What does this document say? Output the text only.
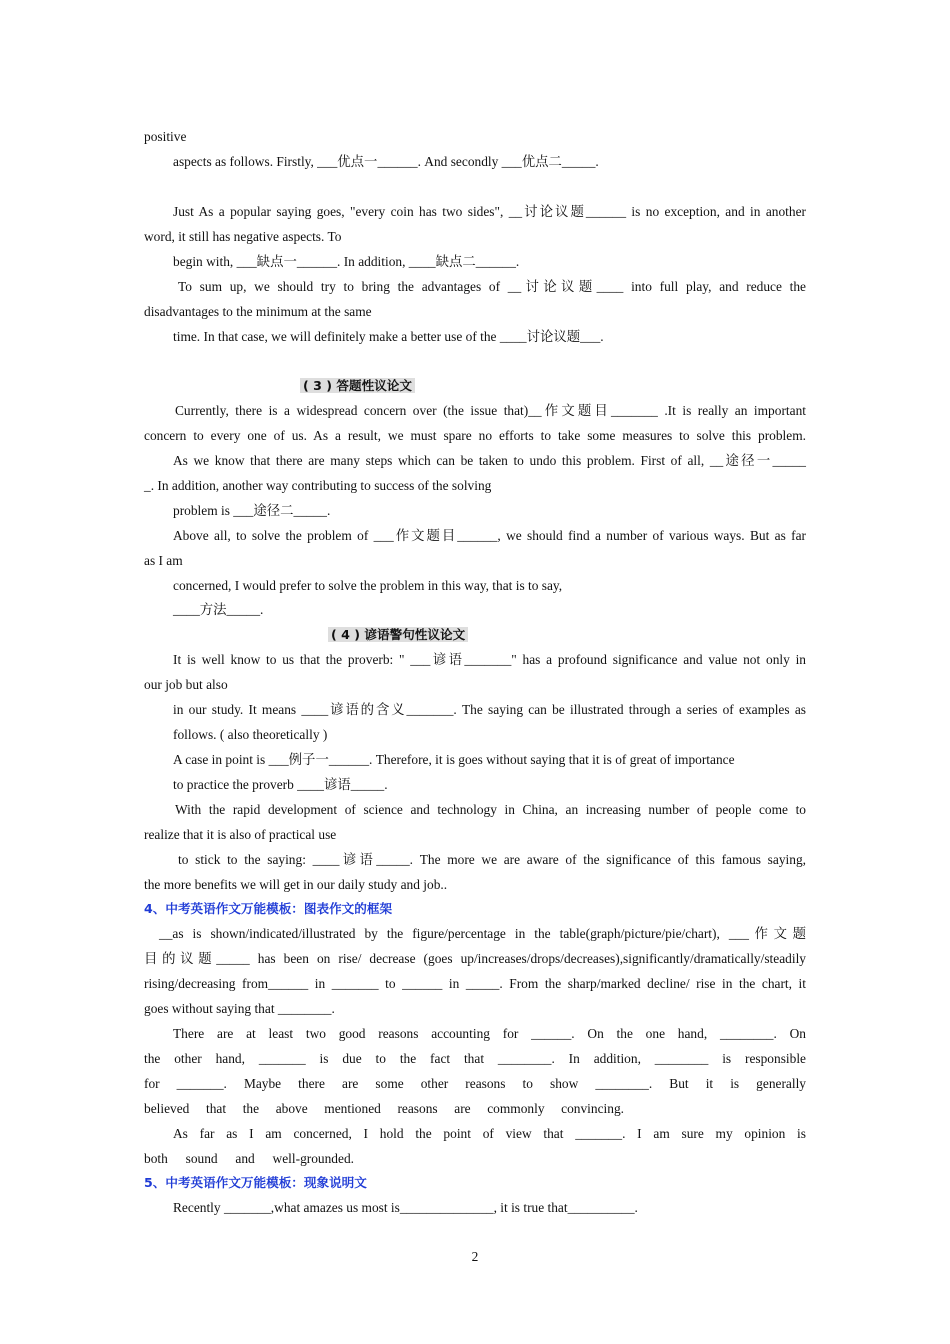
positive
aspects as follows. Firstly, ___优点一______. And secondly ___优点二_____.
Just As a popular saying goes, "every coin has two sides", __讨论议题______ is no exception, and in another
word, it still has negative aspects. To
begin with, ___缺点一______. In addition, ____缺点二______.
To sum up, we should try to bring the advantages of __讨论议题____ into full play, and reduce the
disadvantages to the minimum at the same
time. In that case, we will definitely make a better use of the ____讨论议题___.
( 3 ) 答题性议论文
Currently, there is a widespread concern over (the issue that)__作文题目_______ .It is really an important
concern to every one of us. As a result, we must spare no efforts to take some measures to solve this problem.
As we know that there are many steps which can be taken to undo this problem. First of all, __途径一_____
_. In addition, another way contributing to success of the solving
problem is ___途径二_____.
Above all, to solve the problem of ___作文题目______, we should find a number of various ways. But as far
as I am
concerned, I would prefer to solve the problem in this way, that is to say,
____方法_____.
( 4 ) 谚语警句性议论文
It is well know to us that the proverb: " ___谚语_______" has a profound significance and value not only in
our job but also
in our study. It means ____谚语的含义_______. The saying can be illustrated through a series of examples as
follows. ( also theoretically )
A case in point is ___例子一______. Therefore, it is goes without saying that it is of great of importance
to practice the proverb ____谚语_____.
With the rapid development of science and technology in China, an increasing number of people come to
realize that it is also of practical use
to stick to the saying: ____谚语_____. The more we are aware of the significance of this famous saying,
the more benefits we will get in our daily study and job..
4、中考英语作文万能模板：图表作文的框架
__as is shown/indicated/illustrated by the figure/percentage in the table(graph/picture/pie/chart), ___作文题
目的议题_____ has been on rise/ decrease (goes up/increases/drops/decreases),significantly/dramatically/steadily
rising/decreasing from______ in _______ to ______ in _____. From the sharp/marked decline/ rise in the chart, it
goes without saying that ________.
There are at least two good reasons accounting for ______. On the one hand, ________. On
the other hand, _______ is due to the fact that ________. In addition, ________ is responsible
for _______. Maybe there are some other reasons to show ________. But it is generally
believed that the above mentioned reasons are commonly convincing.
As far as I am concerned, I hold the point of view that _______. I am sure my opinion is
both sound and well-grounded.
5、中考英语作文万能模板：现象说明文
Recently _______,what amazes us most is______________, it is true that__________.
2
